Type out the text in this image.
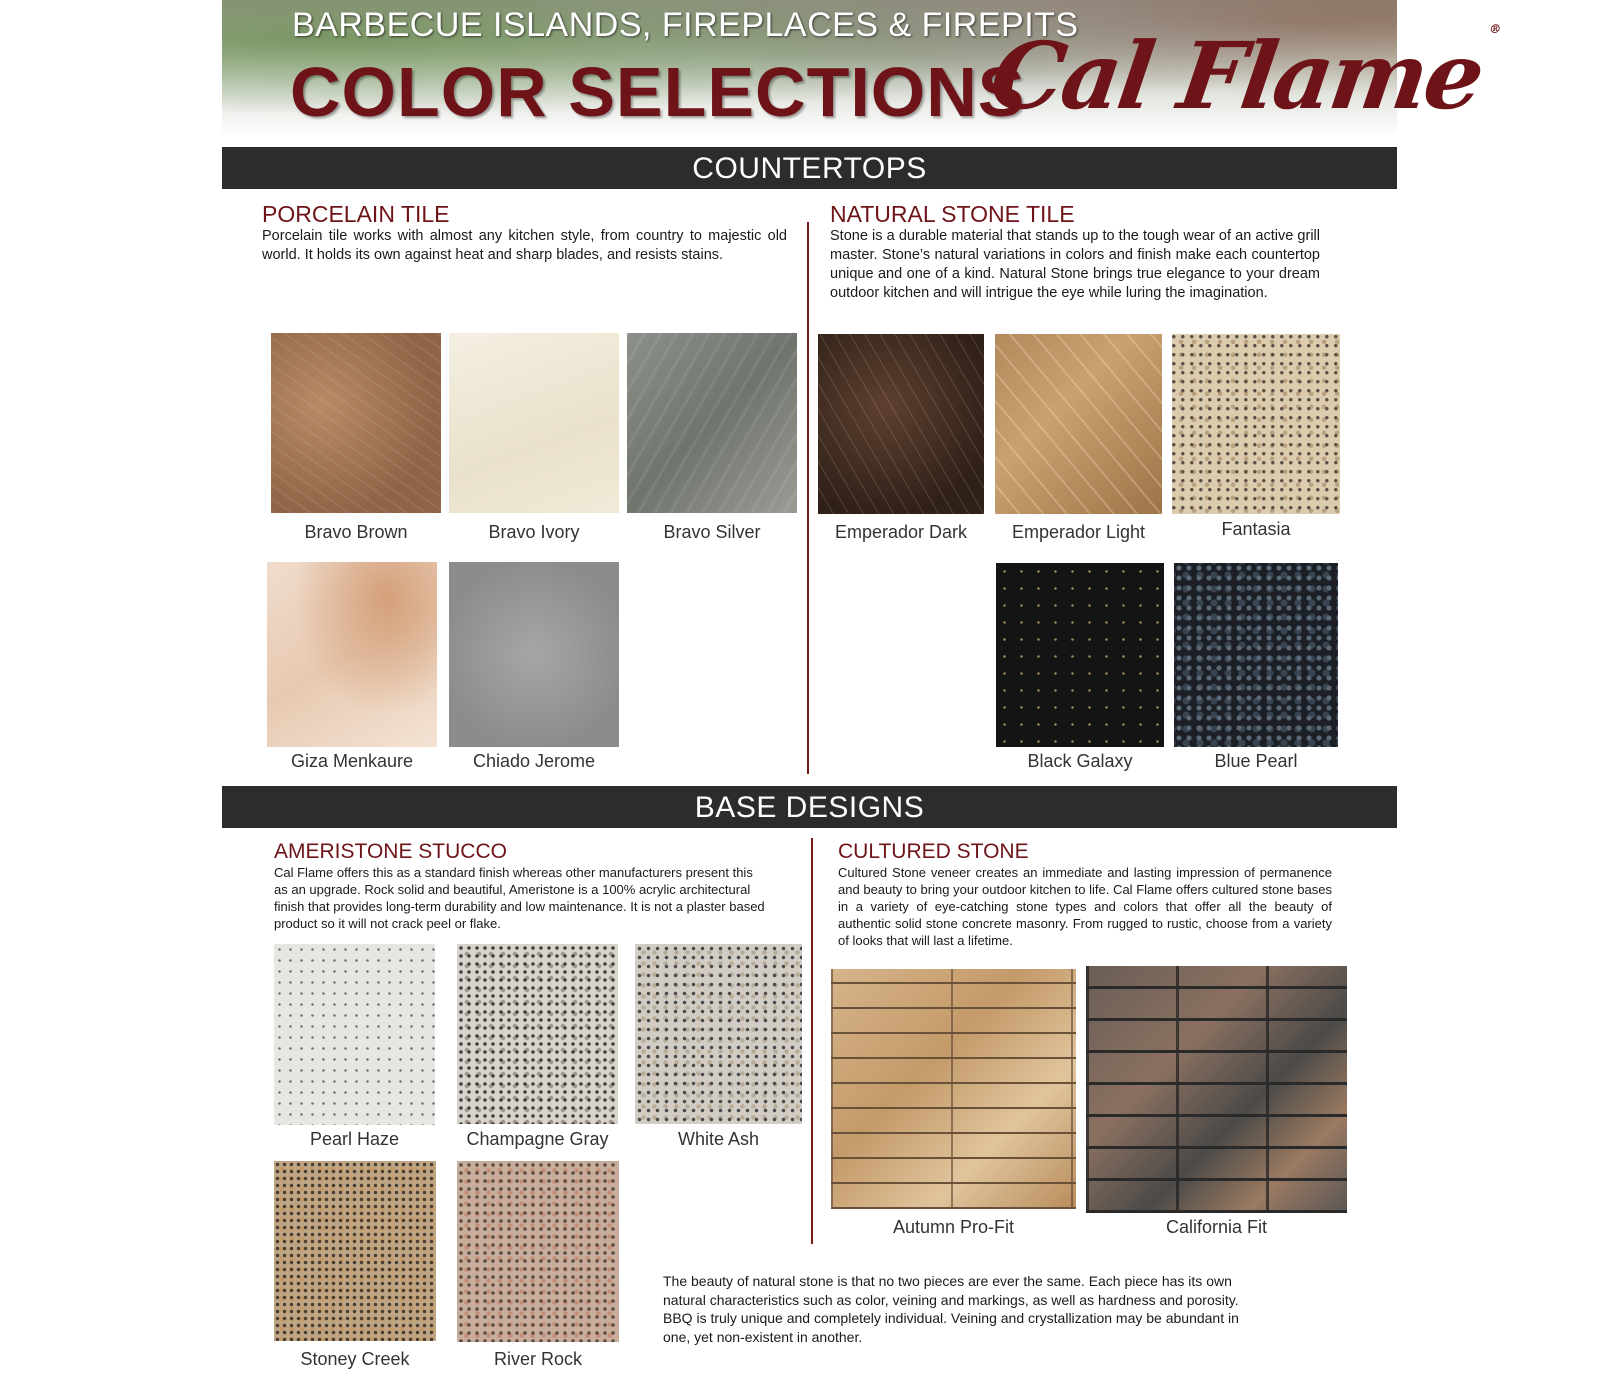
BARBECUE ISLANDS, FIREPLACES & FIREPITS
COLOR SELECTIONS
Cal Flame®
COUNTERTOPS
PORCELAIN TILE
Porcelain tile works with almost any kitchen style, from country to majestic old world. It holds its own against heat and sharp blades, and resists stains.
NATURAL STONE TILE
Stone is a durable material that stands up to the tough wear of an active grill master. Stone’s natural variations in colors and finish make each countertop unique and one of a kind. Natural Stone brings true elegance to your dream outdoor kitchen and will intrigue the eye while luring the imagination.
Bravo Brown	Bravo Ivory	Bravo Silver
Giza Menkaure	Chiado Jerome
Emperador Dark	Emperador Light	Fantasia
Black Galaxy	Blue Pearl
BASE DESIGNS
AMERISTONE STUCCO
Cal Flame offers this as a standard finish whereas other manufacturers present this as an upgrade. Rock solid and beautiful, Ameristone is a 100% acrylic architectural finish that provides long-term durability and low maintenance. It is not a plaster based product so it will not crack peel or flake.
CULTURED STONE
Cultured Stone veneer creates an immediate and lasting impression of permanence and beauty to bring your outdoor kitchen to life. Cal Flame offers cultured stone bases in a variety of eye-catching stone types and colors that offer all the beauty of authentic solid stone concrete masonry. From rugged to rustic, choose from a variety of looks that will last a lifetime.
Pearl Haze	Champagne Gray	White Ash
Stoney Creek	River Rock
Autumn Pro-Fit	California Fit
The beauty of natural stone is that no two pieces are ever the same. Each piece has its own natural characteristics such as color, veining and markings, as well as hardness and porosity. BBQ is truly unique and completely individual. Veining and crystallization may be abundant in one, yet non-existent in another.
